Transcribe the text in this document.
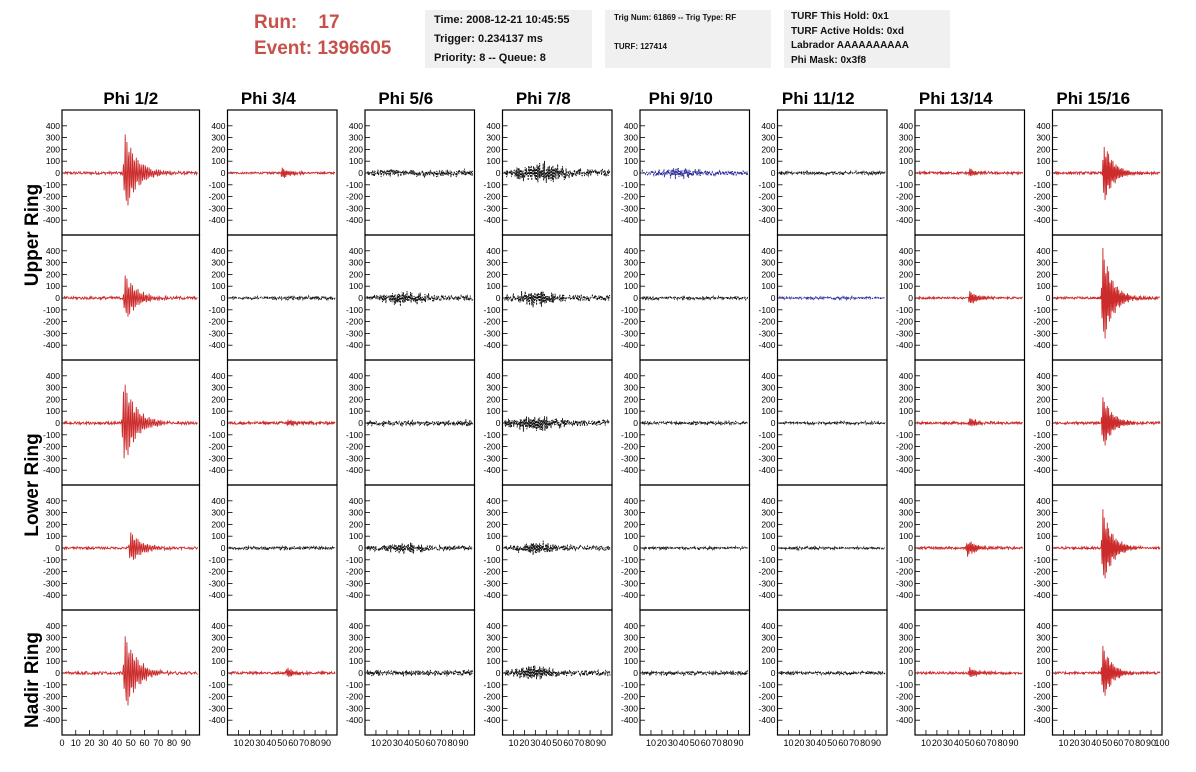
Run: 17
Event: 1396605
Time: 2008-12-21 10:45:55
Trigger: 0.234137 ms
Priority: 8 -- Queue: 8
Trig Num: 61869 -- Trig Type: RF
TURF: 127414
TURF This Hold: 0x1
TURF Active Holds: 0xd
Labrador AAAAAAAAAA
Phi Mask: 0x3f8
Phi 1/2	Phi 3/4	Phi 5/6	Phi 7/8	Phi 9/10	Phi 11/12	Phi 13/14	Phi 15/16
Upper Ring
Lower Ring
Nadir Ring
-400
-300
-200
-100
0
100
200
300
400
-400
-300
-200
-100
0
100
200
300
400
-400
-300
-200
-100
0
100
200
300
400
-400
-300
-200
-100
0
100
200
300
400
-400
-300
-200
-100
0
100
200
300
400
-400
-300
-200
-100
0
100
200
300
400
-400
-300
-200
-100
0
100
200
300
400
-400
-300
-200
-100
0
100
200
300
400
-400
-300
-200
-100
0
100
200
300
400
-400
-300
-200
-100
0
100
200
300
400
-400
-300
-200
-100
0
100
200
300
400
-400
-300
-200
-100
0
100
200
300
400
-400
-300
-200
-100
0
100
200
300
400
-400
-300
-200
-100
0
100
200
300
400
-400
-300
-200
-100
0
100
200
300
400
-400
-300
-200
-100
0
100
200
300
400
-400
-300
-200
-100
0
100
200
300
400
-400
-300
-200
-100
0
100
200
300
400
-400
-300
-200
-100
0
100
200
300
400
-400
-300
-200
-100
0
100
200
300
400
-400
-300
-200
-100
0
100
200
300
400
-400
-300
-200
-100
0
100
200
300
400
-400
-300
-200
-100
0
100
200
300
400
-400
-300
-200
-100
0
100
200
300
400
-400
-300
-200
-100
0
100
200
300
400
-400
-300
-200
-100
0
100
200
300
400
-400
-300
-200
-100
0
100
200
300
400
-400
-300
-200
-100
0
100
200
300
400
-400
-300
-200
-100
0
100
200
300
400
-400
-300
-200
-100
0
100
200
300
400
-400
-300
-200
-100
0
100
200
300
400
-400
-300
-200
-100
0
100
200
300
400
-400
-300
-200
-100
0
100
200
300
400
-400
-300
-200
-100
0
100
200
300
400
-400
-300
-200
-100
0
100
200
300
400
-400
-300
-200
-100
0
100
200
300
400
-400
-300
-200
-100
0
100
200
300
400
-400
-300
-200
-100
0
100
200
300
400
-400
-300
-200
-100
0
100
200
300
400
-400
-300
-200
-100
0
100
200
300
400
0 10 20 30 40 50 60 70 80 90	10 20 30 40 50 60 70 80 90	10 20 30 40 50 60 70 80 90	10 20 30 40 50 60 70 80 90	10 20 30 40 50 60 70 80 90	10 20 30 40 50 60 70 80 90	10 20 30 40 50 60 70 80 90	10 20 30 40 50 60 70 80 90
100
